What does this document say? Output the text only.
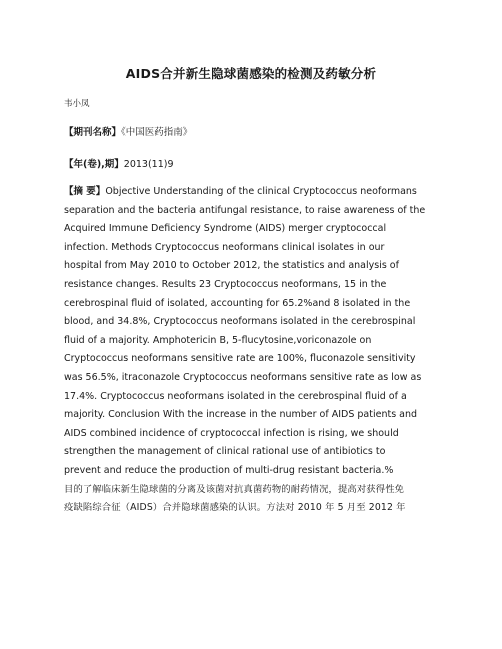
AIDS合并新生隐球菌感染的检测及药敏分析
韦小凤
【期刊名称】《中国医药指南》
【年(卷),期】2013(11)9
【摘 要】Objective Understanding of the clinical Cryptococcus neoformans
separation and the bacteria antifungal resistance, to raise awareness of the
Acquired Immune Deficiency Syndrome (AIDS) merger cryptococcal
infection. Methods Cryptococcus neoformans clinical isolates in our
hospital from May 2010 to October 2012, the statistics and analysis of
resistance changes. Results 23 Cryptococcus neoformans, 15 in the
cerebrospinal fluid of isolated, accounting for 65.2%and 8 isolated in the
blood, and 34.8%, Cryptococcus neoformans isolated in the cerebrospinal
fluid of a majority. Amphotericin B, 5-flucytosine,voriconazole on
Cryptococcus neoformans sensitive rate are 100%, fluconazole sensitivity
was 56.5%, itraconazole Cryptococcus neoformans sensitive rate as low as
17.4%. Cryptococcus neoformans isolated in the cerebrospinal fluid of a
majority. Conclusion With the increase in the number of AIDS patients and
AIDS combined incidence of cryptococcal infection is rising, we should
strengthen the management of clinical rational use of antibiotics to
prevent and reduce the production of multi-drug resistant bacteria.%
目的了解临床新生隐球菌的分离及该菌对抗真菌药物的耐药情况，提高对获得性免
疫缺陷综合征（AIDS）合并隐球菌感染的认识。方法对 2010 年 5 月至 2012 年
